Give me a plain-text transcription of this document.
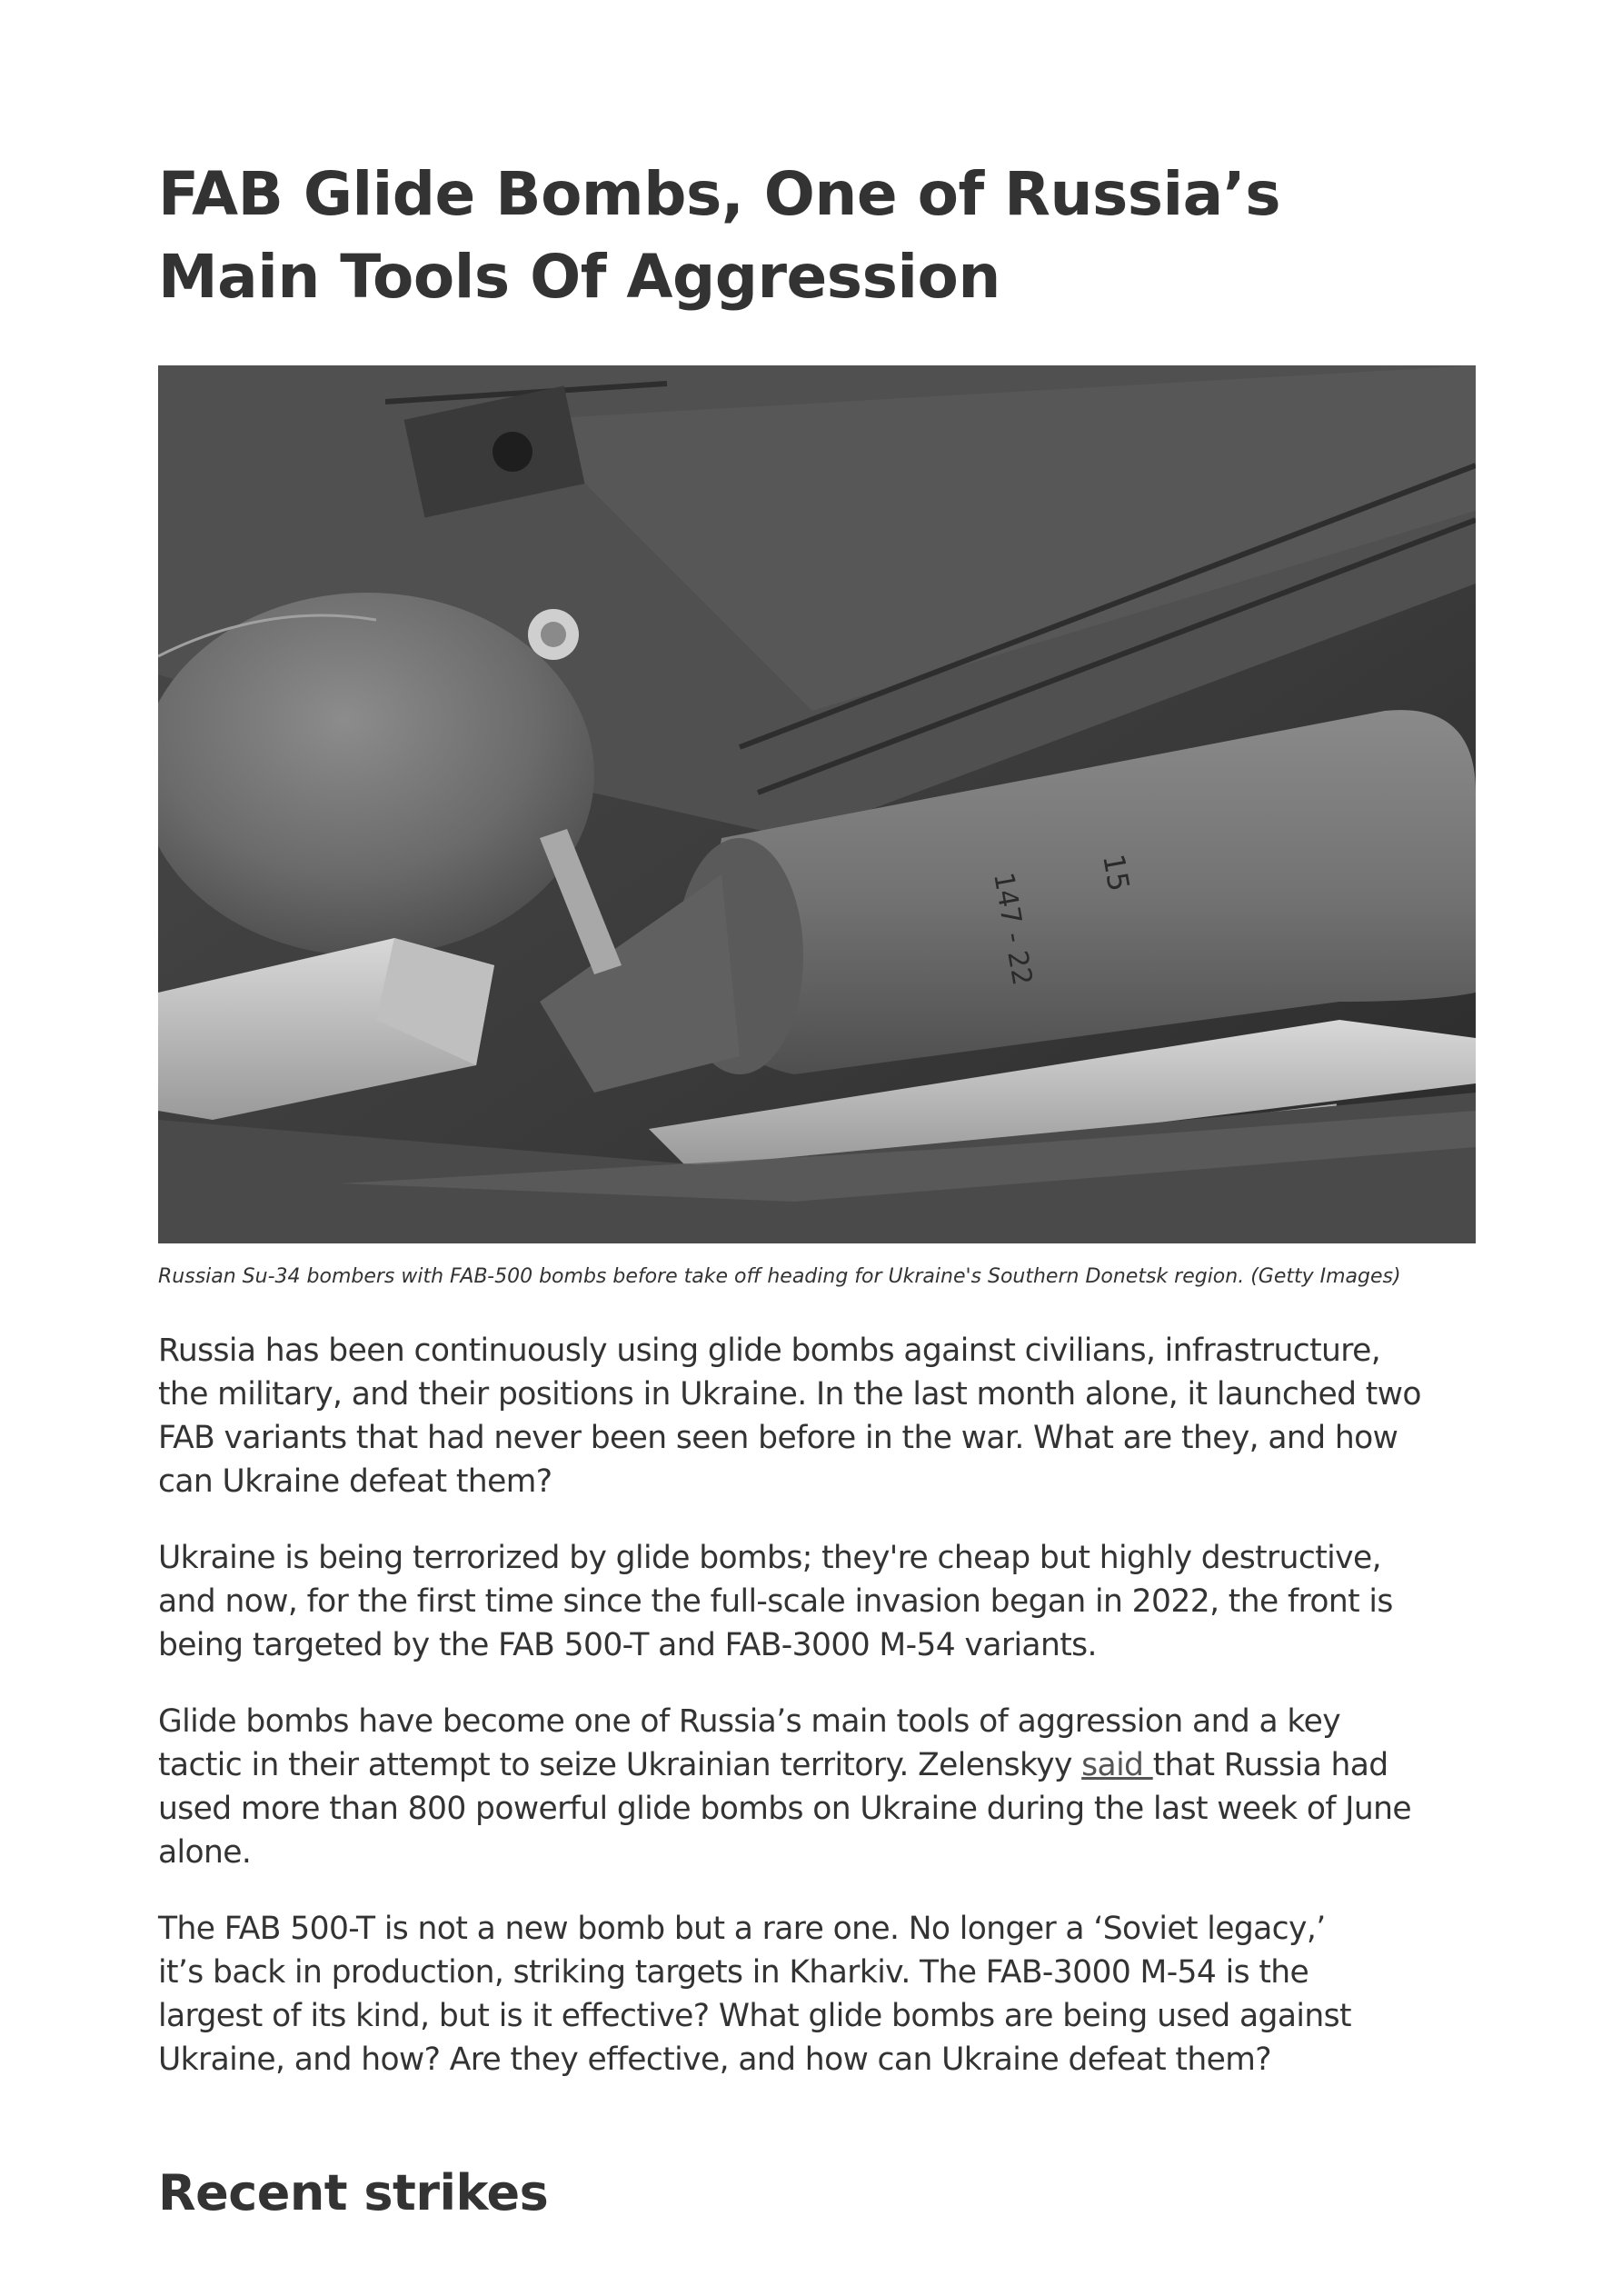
FAB Glide Bombs, One of Russia’s
Main Tools Of Aggression
147 - 22 15
Russian Su-34 bombers with FAB-500 bombs before take off heading for Ukraine's Southern Donetsk region. (Getty Images)

Russia has been continuously using glide bombs against civilians, infrastructure,
the military, and their positions in Ukraine. In the last month alone, it launched two
FAB variants that had never been seen before in the war. What are they, and how
can Ukraine defeat them?

Ukraine is being terrorized by glide bombs; they're cheap but highly destructive,
and now, for the first time since the full-scale invasion began in 2022, the front is
being targeted by the FAB 500-T and FAB-3000 M-54 variants.

Glide bombs have become one of Russia’s main tools of aggression and a key
tactic in their attempt to seize Ukrainian territory. Zelenskyy said that Russia had
used more than 800 powerful glide bombs on Ukraine during the last week of June
alone.

The FAB 500-T is not a new bomb but a rare one. No longer a ‘Soviet legacy,’
it’s back in production, striking targets in Kharkiv. The FAB-3000 M-54 is the
largest of its kind, but is it effective? What glide bombs are being used against
Ukraine, and how? Are they effective, and how can Ukraine defeat them?

Recent strikes
